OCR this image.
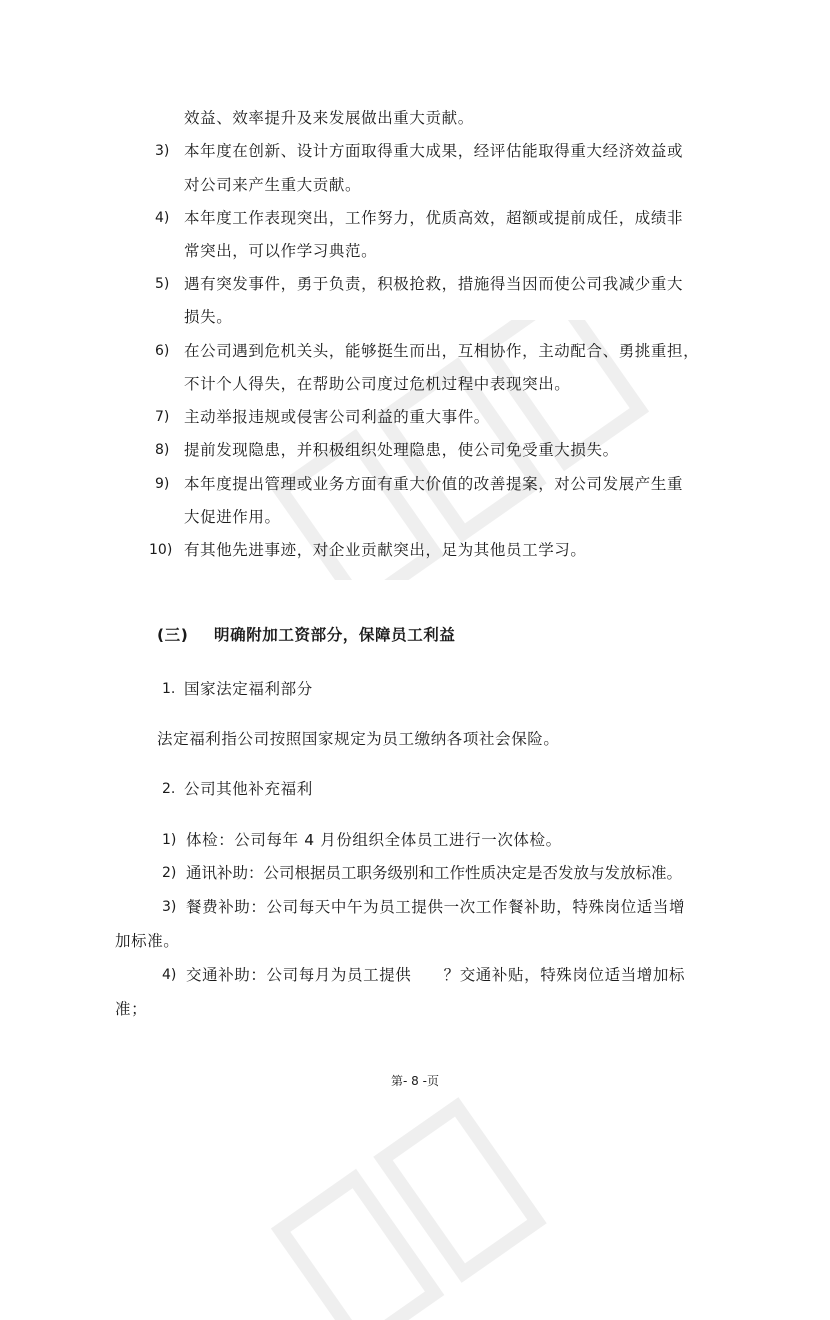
效益、效率提升及来发展做出重大贡献。
3) 本年度在创新、设计方面取得重大成果，经评估能取得重大经济效益或
对公司来产生重大贡献。
4) 本年度工作表现突出，工作努力，优质高效，超额或提前成任，成绩非
常突出，可以作学习典范。
5) 遇有突发事件，勇于负责，积极抢救，措施得当因而使公司我减少重大
损失。
6) 在公司遇到危机关头，能够挺生而出，互相协作，主动配合、勇挑重担，
不计个人得失，在帮助公司度过危机过程中表现突出。
7) 主动举报违规或侵害公司利益的重大事件。
8) 提前发现隐患，并积极组织处理隐患，使公司免受重大损失。
9) 本年度提出管理或业务方面有重大价值的改善提案，对公司发展产生重
大促进作用。
10) 有其他先进事迹，对企业贡献突出，足为其他员工学习。
(三) 明确附加工资部分，保障员工利益
1. 国家法定福利部分
法定福利指公司按照国家规定为员工缴纳各项社会保险。
2. 公司其他补充福利
1) 体检：公司每年 4 月份组织全体员工进行一次体检。
2) 通讯补助：公司根据员工职务级别和工作性质决定是否发放与发放标准。
3) 餐费补助：公司每天中午为员工提供一次工作餐补助，特殊岗位适当增
加标准。
4) 交通补助：公司每月为员工提供　　？交通补贴，特殊岗位适当增加标
准；
第- 8 -页
